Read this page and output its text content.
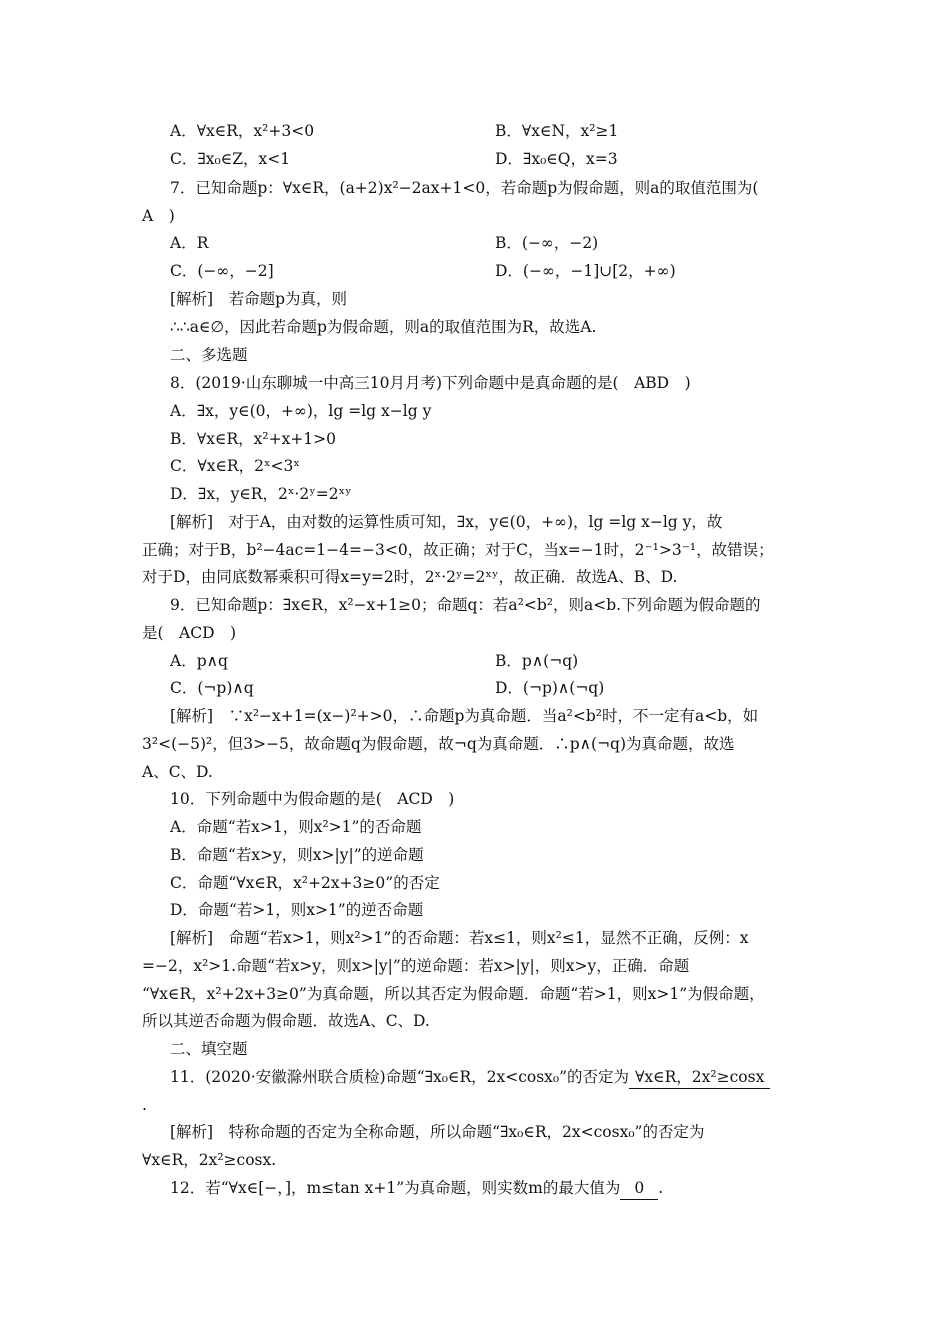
A．∀x∈R，x²+3<0	B．∀x∈N，x²≥1
C．∃x₀∈Z，x<1	D．∃x₀∈Q，x=3
7．已知命题p：∀x∈R，(a+2)x²−2ax+1<0，若命题p为假命题，则a的取值范围为(
A　)
A．R	B．(−∞，−2)
C．(−∞，−2]	D．(−∞，−1]∪[2，+∞)
[解析]　若命题p为真，则
∴∴a∈∅，因此若命题p为假命题，则a的取值范围为R，故选A.
二、多选题
8．(2019·山东聊城一中高三10月月考)下列命题中是真命题的是(　ABD　)
A．∃x，y∈(0，+∞)，lg =lg x−lg y
B．∀x∈R，x²+x+1>0
C．∀x∈R，2ˣ<3ˣ
D．∃x，y∈R，2ˣ·2ʸ=2ˣʸ
[解析]　对于A，由对数的运算性质可知，∃x，y∈(0，+∞)，lg =lg x−lg y，故
正确；对于B，b²−4ac=1−4=−3<0，故正确；对于C，当x=−1时，2⁻¹>3⁻¹，故错误；
对于D，由同底数幂乘积可得x=y=2时，2ˣ·2ʸ=2ˣʸ，故正确．故选A、B、D.
9．已知命题p：∃x∈R，x²−x+1≥0；命题q：若a²<b²，则a<b.下列命题为假命题的
是(　ACD　)
A．p∧q	B．p∧(¬q)
C．(¬p)∧q	D．(¬p)∧(¬q)
[解析]　∵x²−x+1=(x−)²+>0，∴命题p为真命题．当a²<b²时，不一定有a<b，如
3²<(−5)²，但3>−5，故命题q为假命题，故¬q为真命题．∴p∧(¬q)为真命题，故选
A、C、D.
10．下列命题中为假命题的是(　ACD　)
A．命题“若x>1，则x²>1”的否命题
B．命题“若x>y，则x>|y|”的逆命题
C．命题“∀x∈R，x²+2x+3≥0”的否定
D．命题“若>1，则x>1”的逆否命题
[解析]　命题“若x>1，则x²>1”的否命题：若x≤1，则x²≤1，显然不正确，反例：x
=−2，x²>1.命题“若x>y，则x>|y|”的逆命题：若x>|y|，则x>y，正确．命题
“∀x∈R，x²+2x+3≥0”为真命题，所以其否定为假命题．命题“若>1，则x>1”为假命题，
所以其逆否命题为假命题．故选A、C、D.
二、填空题
11．(2020·安徽滁州联合质检)命题“∃x₀∈R，2x<cosx₀”的否定为 ∀x∈R，2x²≥cosx
.
[解析]　特称命题的否定为全称命题，所以命题“∃x₀∈R，2x<cosx₀”的否定为
∀x∈R，2x²≥cosx.
12．若“∀x∈[−，]，m≤tan x+1”为真命题，则实数m的最大值为 0 .
